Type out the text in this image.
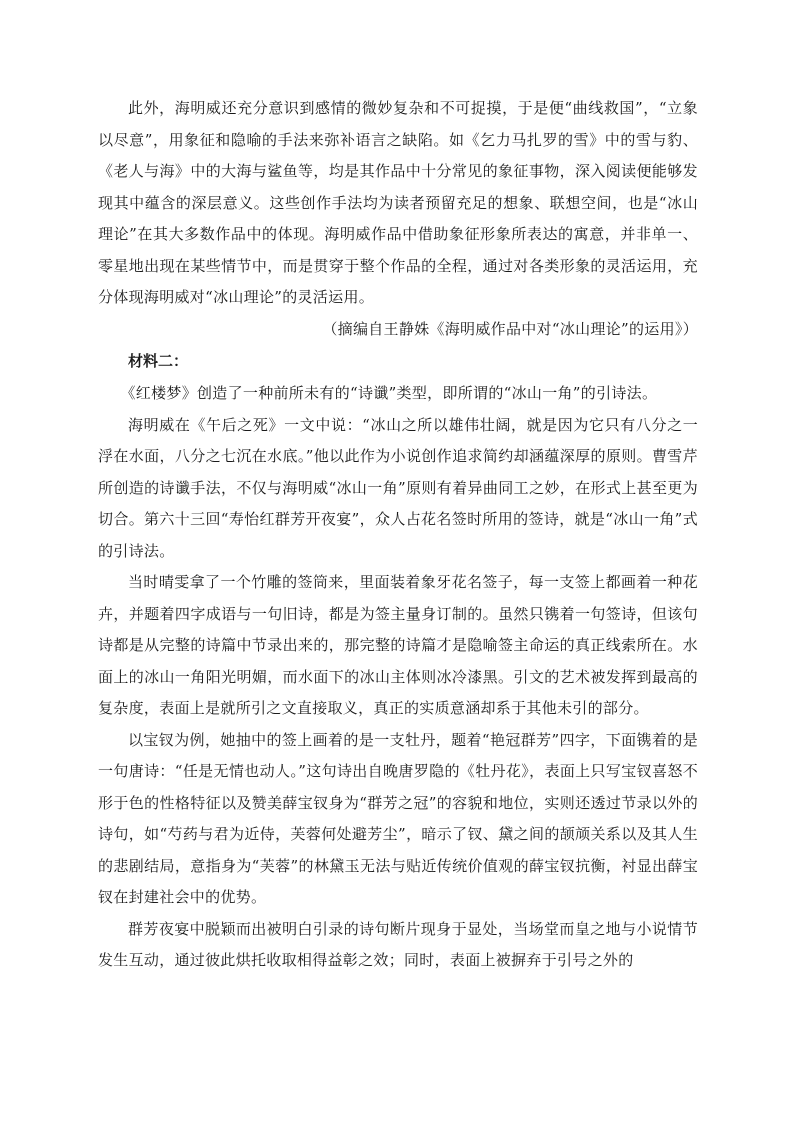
此外，海明威还充分意识到感情的微妙复杂和不可捉摸，于是便“曲线救国”，“立象以尽意”，用象征和隐喻的手法来弥补语言之缺陷。如《乞力马扎罗的雪》中的雪与豹、《老人与海》中的大海与鲨鱼等，均是其作品中十分常见的象征事物，深入阅读便能够发现其中蕴含的深层意义。这些创作手法均为读者预留充足的想象、联想空间，也是“冰山理论”在其大多数作品中的体现。海明威作品中借助象征形象所表达的寓意，并非单一、零星地出现在某些情节中，而是贯穿于整个作品的全程，通过对各类形象的灵活运用，充分体现海明威对“冰山理论”的灵活运用。

（摘编自王静姝《海明威作品中对“冰山理论”的运用》）

材料二：

《红楼梦》创造了一种前所未有的“诗谶”类型，即所谓的“冰山一角”的引诗法。

海明威在《午后之死》一文中说：“冰山之所以雄伟壮阔，就是因为它只有八分之一浮在水面，八分之七沉在水底。”他以此作为小说创作追求简约却涵蕴深厚的原则。曹雪芹所创造的诗谶手法，不仅与海明威“冰山一角”原则有着异曲同工之妙，在形式上甚至更为切合。第六十三回“寿怡红群芳开夜宴”，众人占花名签时所用的签诗，就是“冰山一角”式的引诗法。

当时晴雯拿了一个竹雕的签筒来，里面装着象牙花名签子，每一支签上都画着一种花卉，并题着四字成语与一句旧诗，都是为签主量身订制的。虽然只镌着一句签诗，但该句诗都是从完整的诗篇中节录出来的，那完整的诗篇才是隐喻签主命运的真正线索所在。水面上的冰山一角阳光明媚，而水面下的冰山主体则冰冷漆黑。引文的艺术被发挥到最高的复杂度，表面上是就所引之文直接取义，真正的实质意涵却系于其他未引的部分。

以宝钗为例，她抽中的签上画着的是一支牡丹，题着“艳冠群芳”四字，下面镌着的是一句唐诗：“任是无情也动人。”这句诗出自晚唐罗隐的《牡丹花》，表面上只写宝钗喜怒不形于色的性格特征以及赞美薛宝钗身为“群芳之冠”的容貌和地位，实则还透过节录以外的诗句，如“芍药与君为近侍，芙蓉何处避芳尘”，暗示了钗、黛之间的颉颃关系以及其人生的悲剧结局，意指身为“芙蓉”的林黛玉无法与贴近传统价值观的薛宝钗抗衡，衬显出薛宝钗在封建社会中的优势。

群芳夜宴中脱颖而出被明白引录的诗句断片现身于显处，当场堂而皇之地与小说情节发生互动，通过彼此烘托收取相得益彰之效；同时，表面上被摒弃于引号之外的
